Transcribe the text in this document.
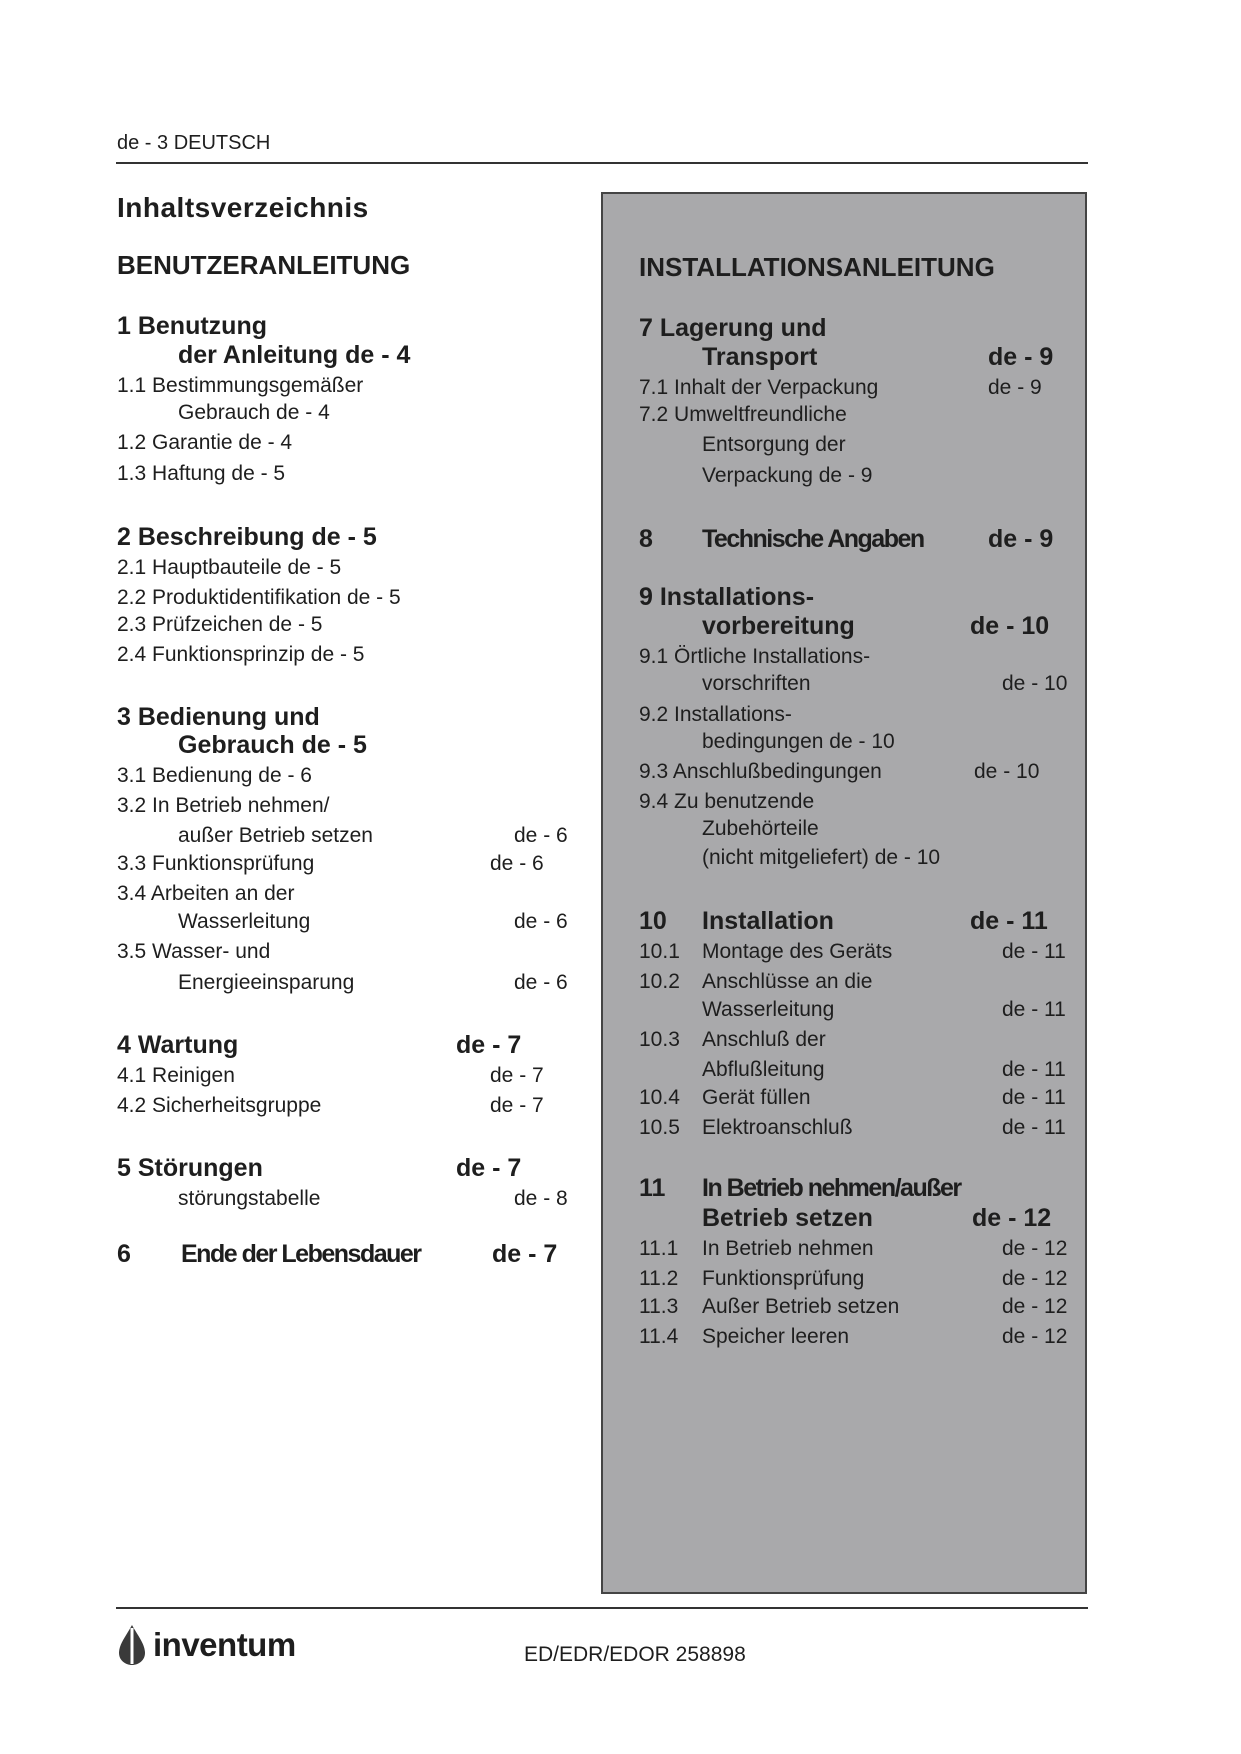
de - 3 DEUTSCH
Inhaltsverzeichnis
BENUTZERANLEITUNG
1 Benutzung
der Anleitung de - 4
1.1 Bestimmungsgemäßer
Gebrauch de - 4
1.2 Garantie de - 4
1.3 Haftung de - 5
2 Beschreibung de - 5
2.1 Hauptbauteile de - 5
2.2 Produktidentifikation de - 5
2.3 Prüfzeichen de - 5
2.4 Funktionsprinzip de - 5
3 Bedienung und
Gebrauch de - 5
3.1 Bedienung de - 6
3.2 In Betrieb nehmen/
außer Betrieb setzen	de - 6
3.3 Funktionsprüfung	de - 6
3.4 Arbeiten an der
Wasserleitung	de - 6
3.5 Wasser- und
Energieeinsparung	de - 6
4 Wartung	de - 7
4.1 Reinigen	de - 7
4.2 Sicherheitsgruppe	de - 7
5 Störungen	de - 7
störungstabelle	de - 8
6 Ende der Lebensdauer	de - 7
INSTALLATIONSANLEITUNG
7 Lagerung und
Transport	de - 9
7.1 Inhalt der Verpackung	de - 9
7.2 Umweltfreundliche
Entsorgung der
Verpackung de - 9
8 Technische Angaben	de - 9
9 Installations-
vorbereitung	de - 10
9.1 Örtliche Installations-
vorschriften	de - 10
9.2 Installations-
bedingungen de - 10
9.3 Anschlußbedingungen	de - 10
9.4 Zu benutzende
Zubehörteile
(nicht mitgeliefert) de - 10
10 Installation	de - 11
10.1 Montage des Geräts	de - 11
10.2 Anschlüsse an die
Wasserleitung	de - 11
10.3 Anschluß der
Abflußleitung	de - 11
10.4 Gerät füllen	de - 11
10.5 Elektroanschluß	de - 11
11 In Betrieb nehmen/außer
Betrieb setzen	de - 12
11.1 In Betrieb nehmen	de - 12
11.2 Funktionsprüfung	de - 12
11.3 Außer Betrieb setzen	de - 12
11.4 Speicher leeren	de - 12
inventum	ED/EDR/EDOR 258898
